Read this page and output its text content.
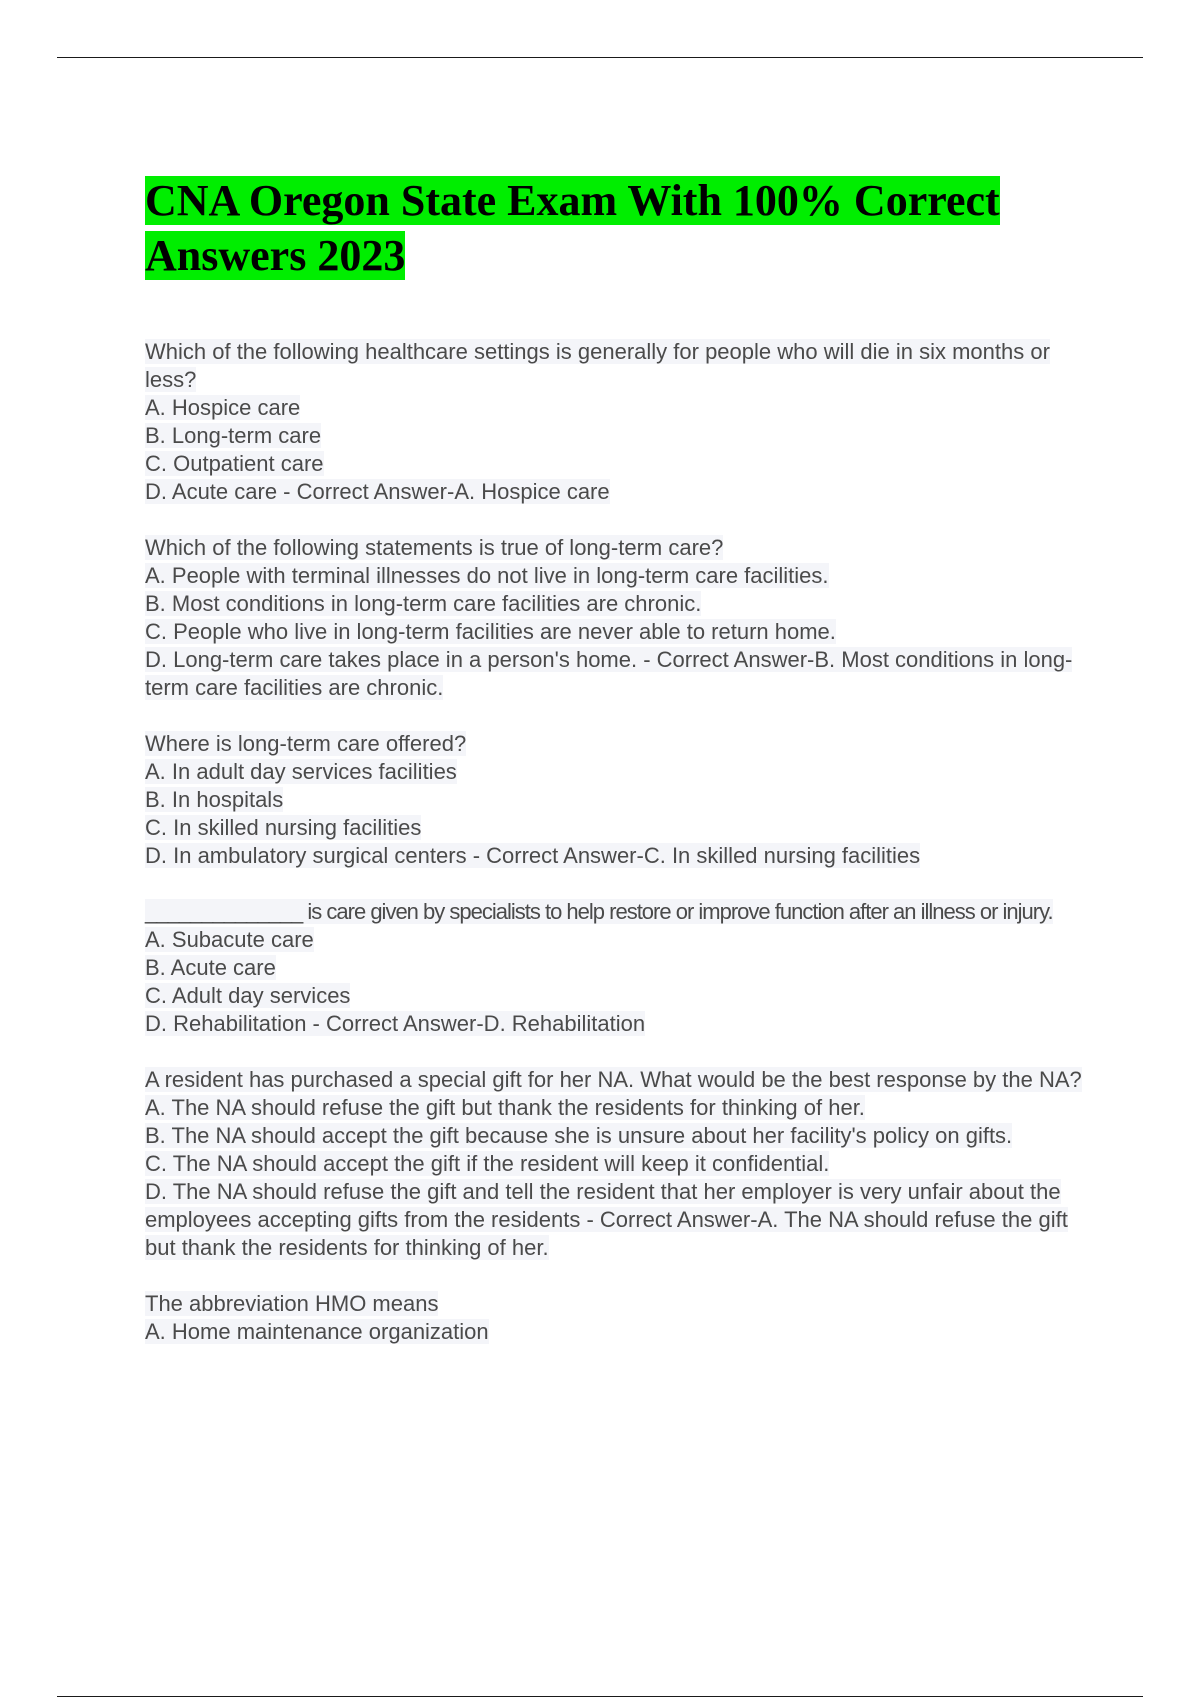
CNA Oregon State Exam With 100% Correct Answers 2023

Which of the following healthcare settings is generally for people who will die in six months or less?

A. Hospice care

B. Long-term care

C. Outpatient care

D. Acute care - Correct Answer-A. Hospice care

Which of the following statements is true of long-term care?

A. People with terminal illnesses do not live in long-term care facilities.

B. Most conditions in long-term care facilities are chronic.

C. People who live in long-term facilities are never able to return home.

D. Long-term care takes place in a person's home. - Correct Answer-B. Most conditions in long-term care facilities are chronic.

Where is long-term care offered?

A. In adult day services facilities

B. In hospitals

C. In skilled nursing facilities

D. In ambulatory surgical centers - Correct Answer-C. In skilled nursing facilities

______________ is care given by specialists to help restore or improve function after an illness or injury.

A. Subacute care

B. Acute care

C. Adult day services

D. Rehabilitation - Correct Answer-D. Rehabilitation

A resident has purchased a special gift for her NA. What would be the best response by the NA?

A. The NA should refuse the gift but thank the residents for thinking of her.

B. The NA should accept the gift because she is unsure about her facility's policy on gifts.

C. The NA should accept the gift if the resident will keep it confidential.

D. The NA should refuse the gift and tell the resident that her employer is very unfair about the employees accepting gifts from the residents - Correct Answer-A. The NA should refuse the gift but thank the residents for thinking of her.

The abbreviation HMO means

A. Home maintenance organization
